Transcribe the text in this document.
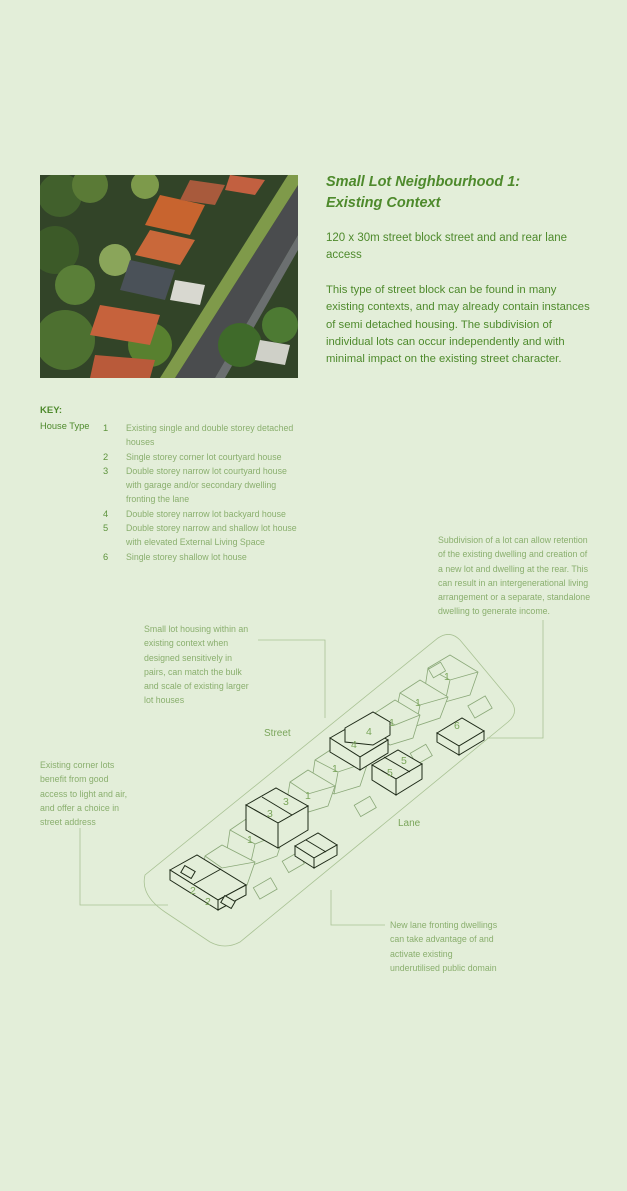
Small Lot Neighbourhood 1:
Existing Context

120 x 30m street block street and and rear lane access

This type of street block can be found in many existing contexts, and may already contain instances of semi detached housing. The subdivision of individual lots can occur independently and with minimal impact on the existing street character.

KEY:
House Type 1	Existing single and double storey detached houses
2	Single storey corner lot courtyard house
3	Double storey narrow lot courtyard house with garage and/or secondary dwelling fronting the lane
4	Double storey narrow lot backyard house
5	Double storey narrow and shallow lot house with elevated External Living Space
6	Single storey shallow lot house

Subdivision of a lot can allow retention of the existing dwelling and creation of a new lot and dwelling at the rear. This can result in an intergenerational living arrangement or a separate, standalone dwelling to generate income.

Small lot housing within an existing context when designed sensitively in pairs, can match the bulk and scale of existing larger lot houses

Existing corner lots benefit from good access to light and air, and offer a choice in street address

New lane fronting dwellings can take advantage of and activate existing underutilised public domain

Street
Lane
1
1
1
1
1
1
2
2
3
3
4
4
5
5
6
